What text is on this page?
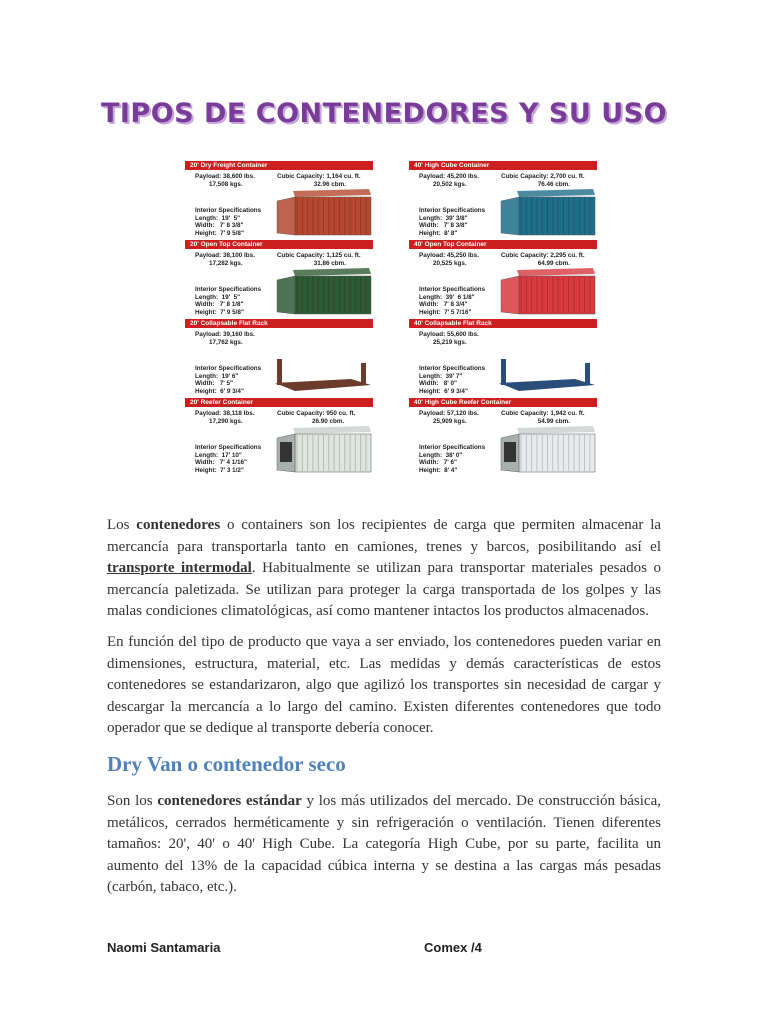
TIPOS DE CONTENEDORES Y SU USO
20' Dry Freight Container
Payload: 38,600 lbs.
17,508 kgs.
Cubic Capacity: 1,164 cu. ft.
32.96 cbm.
Interior Specifications
Length:  19'  5"
Width:   7' 8 3/8"
Height:  7' 9 5/8"
40' High Cube Container
Payload: 45,200 lbs.
20,502 kgs.
Cubic Capacity: 2,700 cu. ft.
76.46 cbm.
Interior Specifications
Length:  39' 3/8"
Width:   7' 8 3/8"
Height:  8' 8"
20' Open Top Container
Payload: 38,100 lbs.
17,282 kgs.
Cubic Capacity: 1,125 cu. ft.
31.86 cbm.
Interior Specifications
Length:  19'  5"
Width:   7' 8 1/8"
Height:  7' 9 5/8"
40' Open Top Container
Payload: 45,250 lbs.
20,525 kgs.
Cubic Capacity: 2,295 cu. ft.
64.99 cbm.
Interior Specifications
Length:  39'  6 1/8"
Width:   7' 8 3/4"
Height:  7' 5 7/16"
20' Collapsable Flat Rack
Payload: 39,160 lbs.
17,762 kgs.
Interior Specifications
Length:  19' 6"
Width:   7' 5"
Height:  6' 9 3/4"
40' Collapsable Flat Rack
Payload: 55,600 lbs.
25,219 kgs.
Interior Specifications
Length:  39' 7"
Width:   8' 0"
Height:  6' 9 3/4"
20' Reefer Container
Payload: 38,118 lbs.
17,290 kgs.
Cubic Capacity: 950 cu. ft.
26.90 cbm.
Interior Specifications
Length:  17' 10"
Width:   7' 4 1/16"
Height:  7' 3 1/2"
40' High Cube Reefer Container
Payload: 57,120 lbs.
25,909 kgs.
Cubic Capacity: 1,942 cu. ft.
54.99 cbm.
Interior Specifications
Length:  38' 0"
Width:   7' 6"
Height:  8' 4"

Los contenedores o containers son los recipientes de carga que permiten almacenar la mercancía para transportarla tanto en camiones, trenes y barcos, posibilitando así el transporte intermodal. Habitualmente se utilizan para transportar materiales pesados o mercancía paletizada. Se utilizan para proteger la carga transportada de los golpes y las malas condiciones climatológicas, así como mantener intactos los productos almacenados.

En función del tipo de producto que vaya a ser enviado, los contenedores pueden variar en dimensiones, estructura, material, etc. Las medidas y demás características de estos contenedores se estandarizaron, algo que agilizó los transportes sin necesidad de cargar y descargar la mercancía a lo largo del camino. Existen diferentes contenedores que todo operador que se dedique al transporte debería conocer.

Dry Van o contenedor seco

Son los contenedores estándar y los más utilizados del mercado. De construcción básica, metálicos, cerrados herméticamente y sin refrigeración o ventilación. Tienen diferentes tamaños: 20', 40' o 40' High Cube. La categoría High Cube, por su parte, facilita un aumento del 13% de la capacidad cúbica interna y se destina a las cargas más pesadas (carbón, tabaco, etc.).

Naomi Santamaria	Comex /4
